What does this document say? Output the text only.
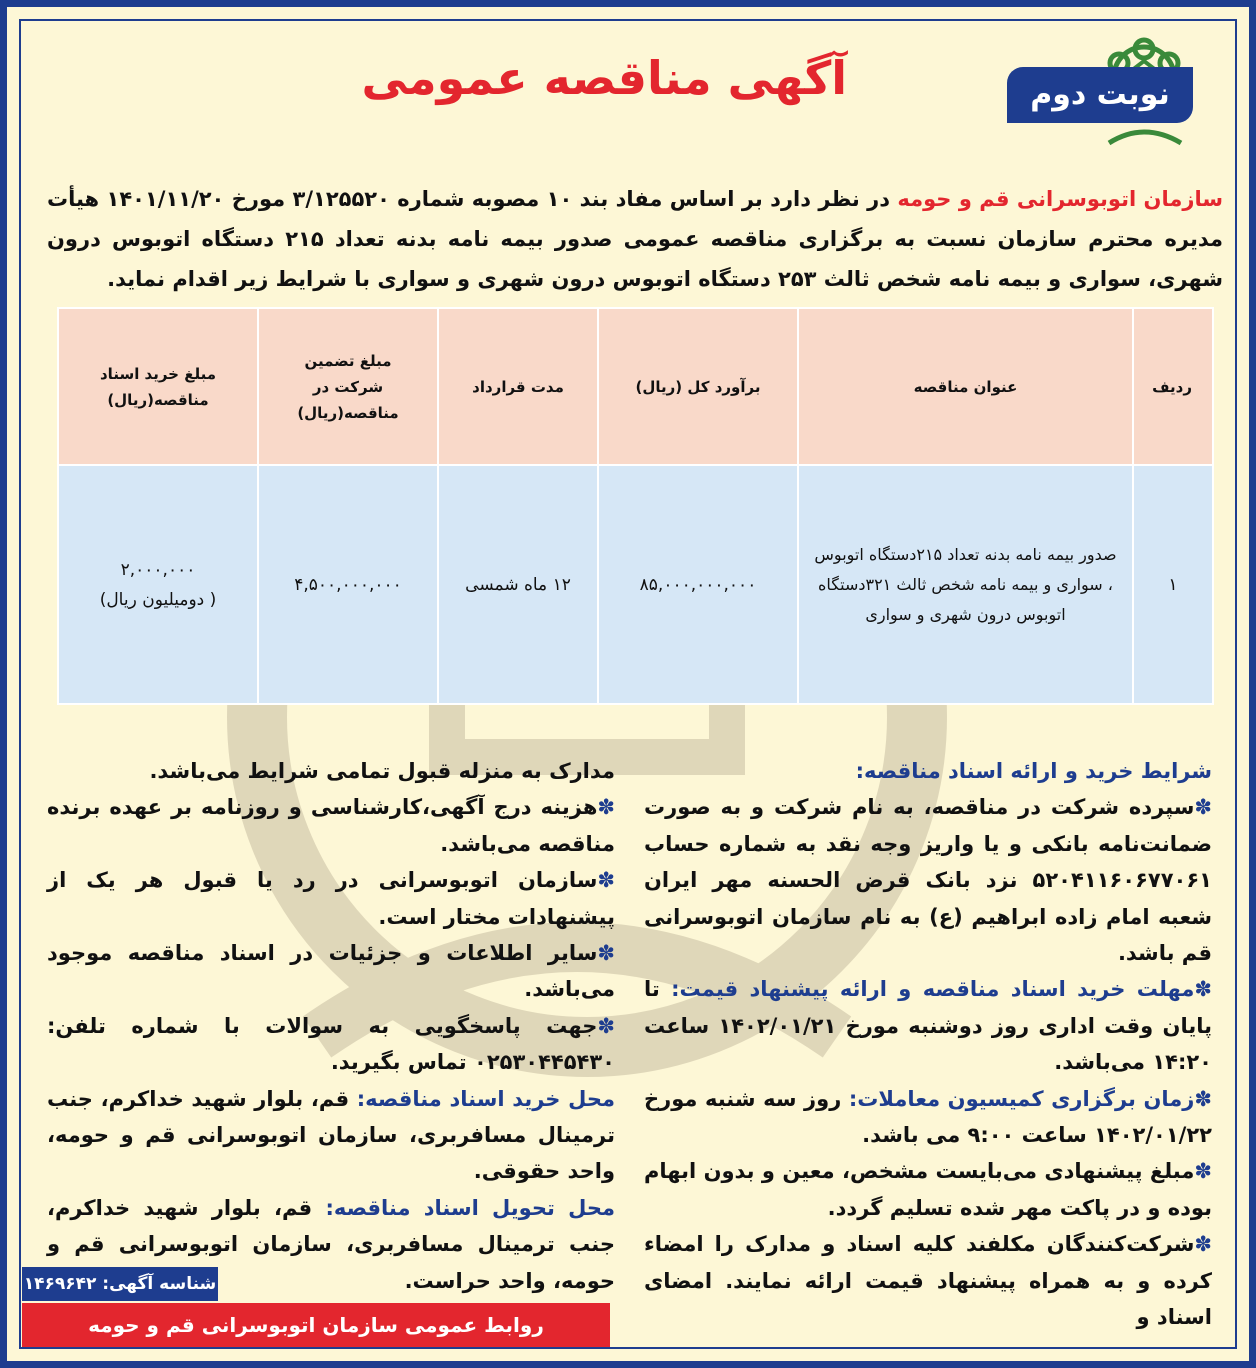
آگهی مناقصه عمومی	نوبت دوم
سازمان اتوبوسرانی قم و حومه در نظر دارد بر اساس مفاد بند ۱۰ مصوبه شماره ۳/۱۲۵۵۲۰ مورخ ۱۴۰۱/۱۱/۲۰ هیأت مدیره محترم سازمان نسبت به برگزاری مناقصه عمومی صدور بیمه نامه بدنه تعداد ۲۱۵ دستگاه اتوبوس درون شهری، سواری و بیمه نامه شخص ثالث ۲۵۳ دستگاه اتوبوس درون شهری و سواری با شرایط زیر اقدام نماید.
ردیف	عنوان مناقصه	برآورد کل (ریال)	مدت قرارداد	مبلغ تضمین شرکت در مناقصه(ریال)	مبلغ خرید اسناد مناقصه(ریال)
۱	صدور بیمه نامه بدنه تعداد ۲۱۵دستگاه اتوبوس ، سواری و بیمه نامه شخص ثالث ۳۲۱دستگاه اتوبوس درون شهری و سواری	۸۵,۰۰۰,۰۰۰,۰۰۰	۱۲ ماه شمسی	۴,۵۰۰,۰۰۰,۰۰۰	۲,۰۰۰,۰۰۰
( دومیلیون ریال)

شرایط خرید و ارائه اسناد مناقصه:

✽سپرده شرکت در مناقصه، به نام شرکت و به صورت ضمانت‌نامه بانکی و یا واریز وجه نقد به شماره حساب ۵۲۰۴۱۱۶۰۶۷۷۰۶۱ نزد بانک قرض الحسنه مهر ایران شعبه امام زاده ابراهیم (ع) به نام سازمان اتوبوسرانی قم باشد.

✽مهلت خرید اسناد مناقصه و ارائه پیشنهاد قیمت: تا پایان وقت اداری روز دوشنبه مورخ ۱۴۰۲/۰۱/۲۱ ساعت ۱۴:۲۰ می‌باشد.

✽زمان برگزاری کمیسیون معاملات: روز سه شنبه مورخ ۱۴۰۲/۰۱/۲۲ ساعت ۹:۰۰ می باشد.

✽مبلغ پیشنهادی می‌بایست مشخص، معین و بدون ابهام بوده و در پاکت مهر شده تسلیم گردد.

✽شرکت‌کنندگان مکلفند کلیه اسناد و مدارک را امضاء کرده و به همراه پیشنهاد قیمت ارائه نمایند. امضای اسناد و

مدارک به منزله قبول تمامی شرایط می‌باشد.

✽هزینه درج آگهی،کارشناسی و روزنامه بر عهده برنده مناقصه می‌باشد.

✽سازمان اتوبوسرانی در رد یا قبول هر یک از پیشنهادات مختار است.

✽سایر اطلاعات و جزئیات در اسناد مناقصه موجود می‌باشد.

✽جهت پاسخگویی به سوالات با شماره تلفن: ۰۲۵۳۰۴۴۵۴۳۰ تماس بگیرید.

محل خرید اسناد مناقصه: قم، بلوار شهید خداکرم، جنب ترمینال مسافربری، سازمان اتوبوسرانی قم و حومه، واحد حقوقی.

محل تحویل اسناد مناقصه: قم، بلوار شهید خداکرم، جنب ترمینال مسافربری، سازمان اتوبوسرانی قم و حومه، واحد حراست.

شناسه آگهی: ۱۴۶۹۶۴۲
روابط عمومی سازمان اتوبوسرانی قم و حومه
